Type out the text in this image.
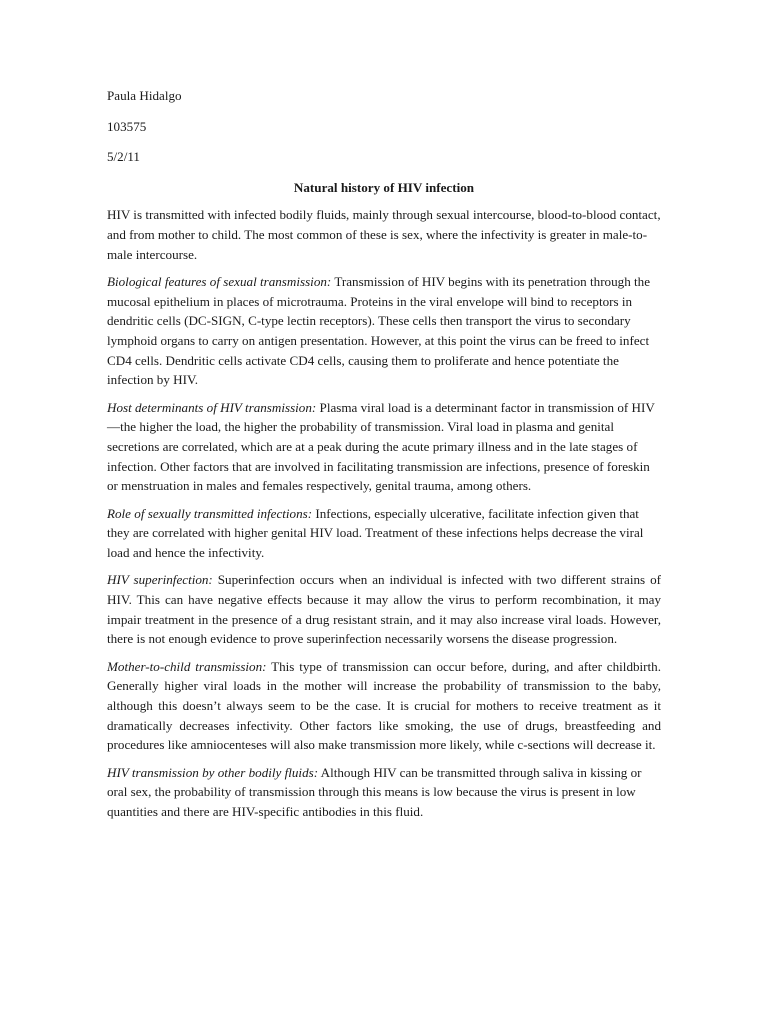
Paula Hidalgo
103575
5/2/11
Natural history of HIV infection

HIV is transmitted with infected bodily fluids, mainly through sexual intercourse, blood-to-blood contact, and from mother to child. The most common of these is sex, where the infectivity is greater in male-to-male intercourse.

Biological features of sexual transmission: Transmission of HIV begins with its penetration through the mucosal epithelium in places of microtrauma. Proteins in the viral envelope will bind to receptors in dendritic cells (DC-SIGN, C-type lectin receptors). These cells then transport the virus to secondary lymphoid organs to carry on antigen presentation. However, at this point the virus can be freed to infect CD4 cells. Dendritic cells activate CD4 cells, causing them to proliferate and hence potentiate the infection by HIV.

Host determinants of HIV transmission: Plasma viral load is a determinant factor in transmission of HIV—the higher the load, the higher the probability of transmission. Viral load in plasma and genital secretions are correlated, which are at a peak during the acute primary illness and in the late stages of infection. Other factors that are involved in facilitating transmission are infections, presence of foreskin or menstruation in males and females respectively, genital trauma, among others.

Role of sexually transmitted infections: Infections, especially ulcerative, facilitate infection given that they are correlated with higher genital HIV load. Treatment of these infections helps decrease the viral load and hence the infectivity.

HIV superinfection: Superinfection occurs when an individual is infected with two different strains of HIV. This can have negative effects because it may allow the virus to perform recombination, it may impair treatment in the presence of a drug resistant strain, and it may also increase viral loads. However, there is not enough evidence to prove superinfection necessarily worsens the disease progression.

Mother-to-child transmission: This type of transmission can occur before, during, and after childbirth. Generally higher viral loads in the mother will increase the probability of transmission to the baby, although this doesn’t always seem to be the case. It is crucial for mothers to receive treatment as it dramatically decreases infectivity. Other factors like smoking, the use of drugs, breastfeeding and procedures like amniocenteses will also make transmission more likely, while c-sections will decrease it.

HIV transmission by other bodily fluids: Although HIV can be transmitted through saliva in kissing or oral sex, the probability of transmission through this means is low because the virus is present in low quantities and there are HIV-specific antibodies in this fluid.
